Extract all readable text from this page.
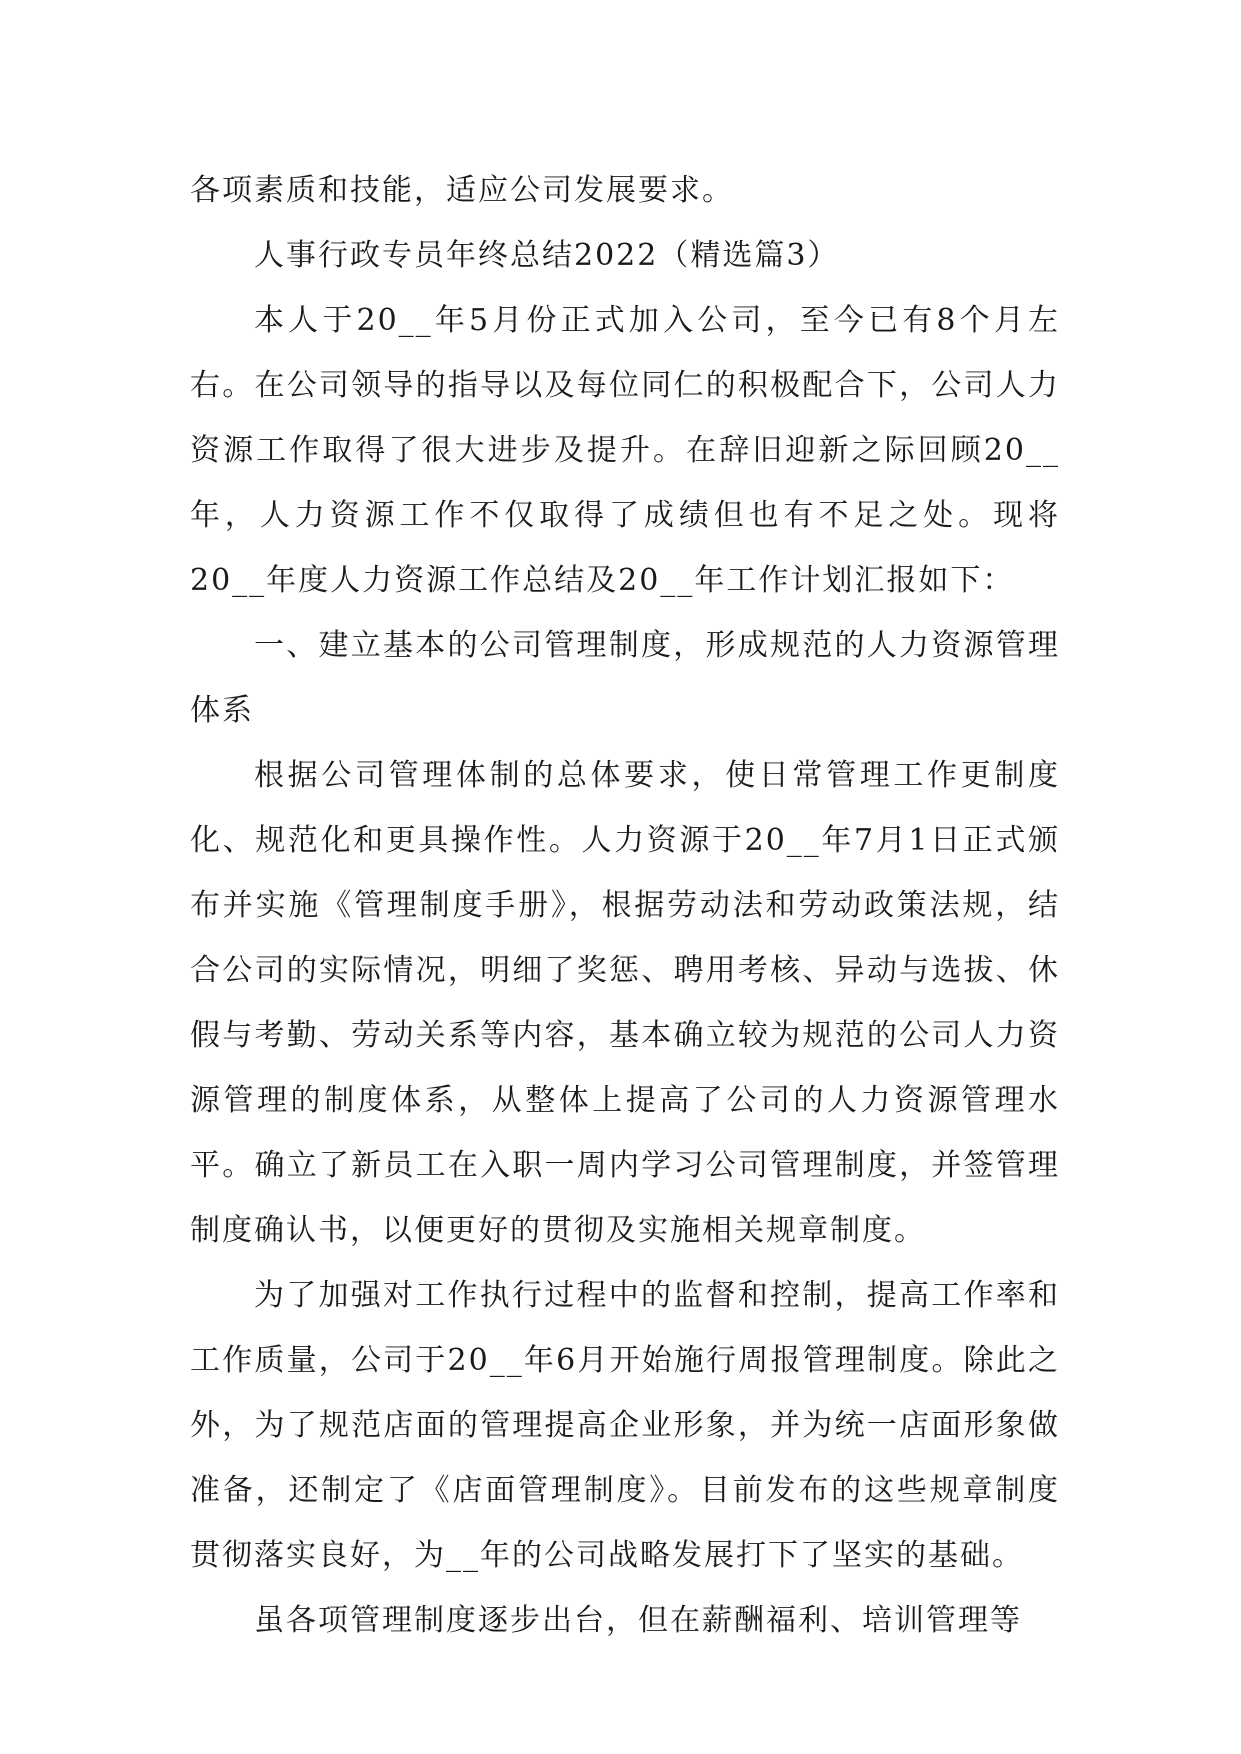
各项素质和技能，适应公司发展要求。

人事行政专员年终总结2022（精选篇3）

本人于20__年5月份正式加入公司，至今已有8个月左右。在公司领导的指导以及每位同仁的积极配合下，公司人力资源工作取得了很大进步及提升。在辞旧迎新之际回顾20__年，人力资源工作不仅取得了成绩但也有不足之处。现将20__年度人力资源工作总结及20__年工作计划汇报如下：

一、建立基本的公司管理制度，形成规范的人力资源管理体系

根据公司管理体制的总体要求，使日常管理工作更制度化、规范化和更具操作性。人力资源于20__年7月1日正式颁布并实施《管理制度手册》，根据劳动法和劳动政策法规，结合公司的实际情况，明细了奖惩、聘用考核、异动与选拔、休假与考勤、劳动关系等内容，基本确立较为规范的公司人力资源管理的制度体系，从整体上提高了公司的人力资源管理水平。确立了新员工在入职一周内学习公司管理制度，并签管理制度确认书，以便更好的贯彻及实施相关规章制度。

为了加强对工作执行过程中的监督和控制，提高工作率和工作质量，公司于20__年6月开始施行周报管理制度。除此之外，为了规范店面的管理提高企业形象，并为统一店面形象做准备，还制定了《店面管理制度》。目前发布的这些规章制度贯彻落实良好，为__年的公司战略发展打下了坚实的基础。

虽各项管理制度逐步出台，但在薪酬福利、培训管理等
